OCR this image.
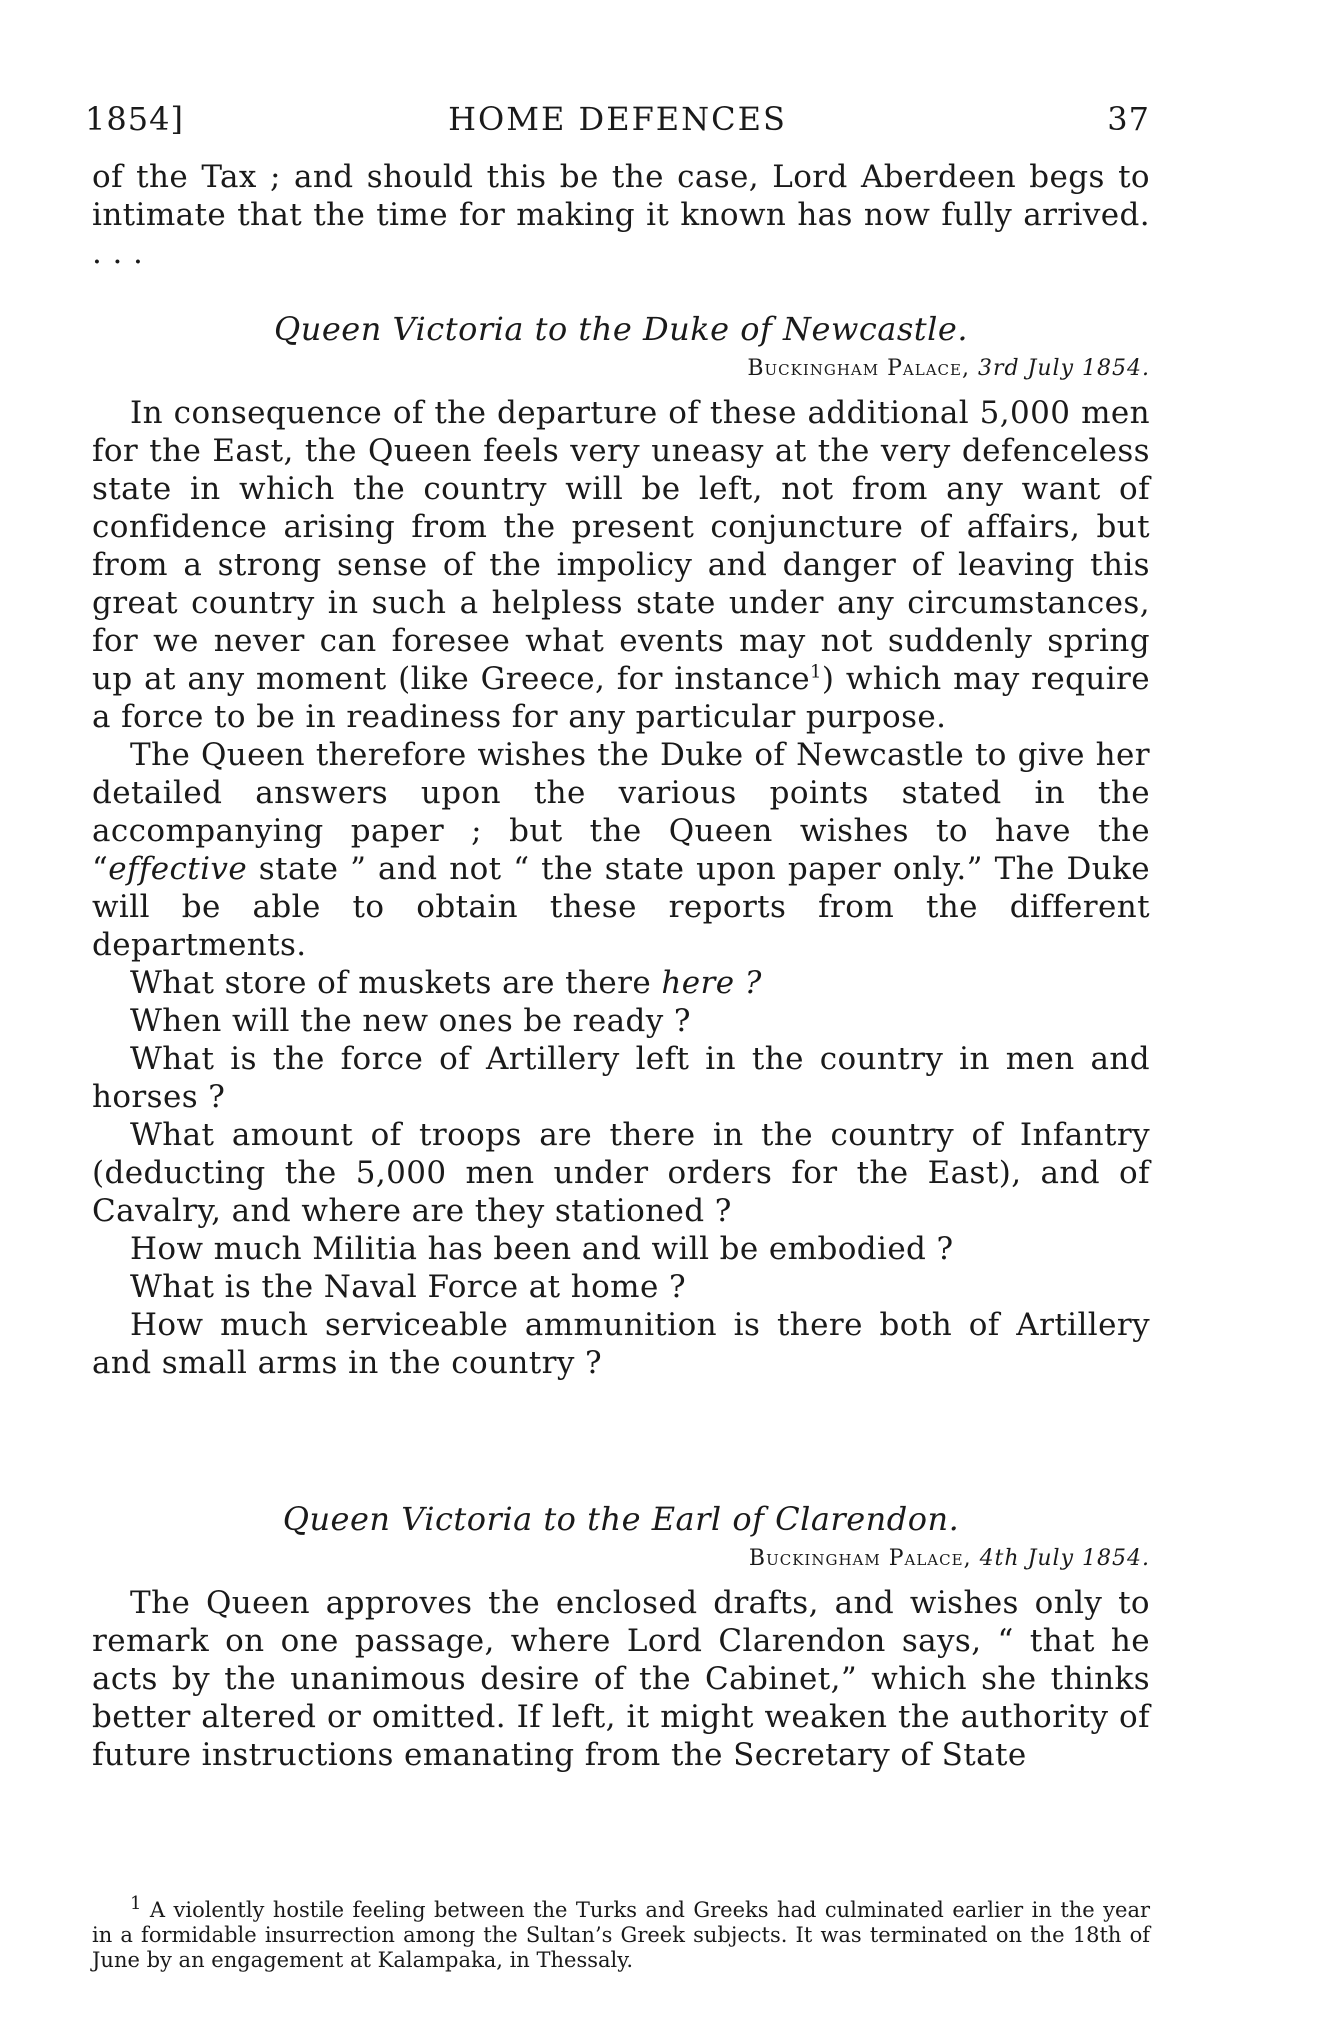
1854]	HOME DEFENCES	37

of the Tax ; and should this be the case, Lord Aberdeen begs to intimate that the time for making it known has now fully arrived. . . .

Queen Victoria to the Duke of Newcastle.
Buckingham Palace, 3rd July 1854.

In consequence of the departure of these additional 5,000 men for the East, the Queen feels very uneasy at the very defenceless state in which the country will be left, not from any want of confidence arising from the present conjuncture of affairs, but from a strong sense of the impolicy and danger of leaving this great country in such a helpless state under any circumstances, for we never can foresee what events may not suddenly spring up at any moment (like Greece, for instance$^1$) which may require a force to be in readiness for any particular purpose.

The Queen therefore wishes the Duke of Newcastle to give her detailed answers upon the various points stated in the accompanying paper ; but the Queen wishes to have the “effective state ” and not “ the state upon paper only.” The Duke will be able to obtain these reports from the different departments.

What store of muskets are there here ?

When will the new ones be ready ?

What is the force of Artillery left in the country in men and horses ?

What amount of troops are there in the country of Infantry (deducting the 5,000 men under orders for the East), and of Cavalry, and where are they stationed ?

How much Militia has been and will be embodied ?

What is the Naval Force at home ?

How much serviceable ammunition is there both of Artillery and small arms in the country ?

Queen Victoria to the Earl of Clarendon.
Buckingham Palace, 4th July 1854.

The Queen approves the enclosed drafts, and wishes only to remark on one passage, where Lord Clarendon says, “ that he acts by the unanimous desire of the Cabinet,” which she thinks better altered or omitted. If left, it might weaken the authority of future instructions emanating from the Secretary of State

$^1$ A violently hostile feeling between the Turks and Greeks had culminated earlier in the year in a formidable insurrection among the Sultan’s Greek subjects. It was terminated on the 18th of June by an engagement at Kalampaka, in Thessaly.
